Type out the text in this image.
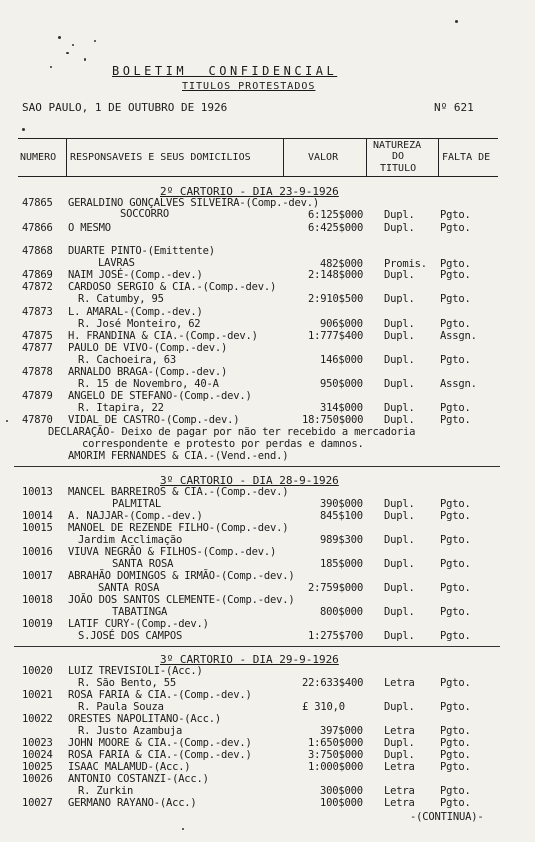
BOLETIM  CONFIDENCIAL
TITULOS PROTESTADOS
SAO PAULO, 1 DE OUTUBRO DE 1926	Nº 621
NUMERO RESPONSAVEIS E SEUS DOMICILIOS	VALOR
NATUREZA
DO
TITULO
FALTA DE
2º CARTORIO - DIA 23-9-1926
47865 GERALDINO GONÇALVES SILVEIRA-(Comp.-dev.)
SOCCORRO	6:125$000 Dupl. Pgto.
47866 O MESMO	6:425$000 Dupl. Pgto.
47868 DUARTE PINTO-(Emittente)
LAVRAS	482$000 Promis. Pgto.
47869 NAIM JOSÉ-(Comp.-dev.)	2:148$000 Dupl. Pgto.
47872 CARDOSO SERGIO & CIA.-(Comp.-dev.)
R. Catumby, 95	2:910$500 Dupl. Pgto.
47873 L. AMARAL-(Comp.-dev.)
R. José Monteiro, 62	906$000 Dupl. Pgto.
47875 H. FRANDINA & CIA.-(Comp.-dev.)	1:777$400 Dupl. Assgn.
47877 PAULO DE VIVO-(Comp.-dev.)
R. Cachoeira, 63	146$000 Dupl. Pgto.
47878 ARNALDO BRAGA-(Comp.-dev.)
R. 15 de Novembro, 40-A	950$000 Dupl. Assgn.
47879 ANGELO DE STEFANO-(Comp.-dev.)
R. Itapira, 22	314$000 Dupl. Pgto.
47870 VIDAL DE CASTRO-(Comp.-dev.)	18:750$000 Dupl. Pgto.
DECLARAÇÃO- Deixo de pagar por não ter recebido a mercadoria
correspondente e protesto por perdas e damnos.
AMORIM FERNANDES & CIA.-(Vend.-end.)
3º CARTORIO - DIA 28-9-1926
10013 MANCEL BARREIROS & CIA.-(Comp.-dev.)
PALMITAL	390$000 Dupl. Pgto.
10014 A. NAJJAR-(Comp.-dev.)	845$100 Dupl. Pgto.
10015 MANOEL DE REZENDE FILHO-(Comp.-dev.)
Jardim Acclimação	989$300 Dupl. Pgto.
10016 VIUVA NEGRÃO & FILHOS-(Comp.-dev.)
SANTA ROSA	185$000 Dupl. Pgto.
10017 ABRAHÃO DOMINGOS & IRMÃO-(Comp.-dev.)
SANTA ROSA	2:759$000 Dupl. Pgto.
10018 JOÃO DOS SANTOS CLEMENTE-(Comp.-dev.)
TABATINGA	800$000 Dupl. Pgto.
10019 LATIF CURY-(Comp.-dev.)
S.JOSÉ DOS CAMPOS	1:275$700 Dupl. Pgto.
3º CARTORIO - DIA 29-9-1926
10020 LUIZ TREVISIOLI-(Acc.)
R. São Bento, 55	22:633$400 Letra Pgto.
10021 ROSA FARIA & CIA.-(Comp.-dev.)
R. Paula Souza	£ 310,0	Dupl. Pgto.
10022 ORESTES NAPOLITANO-(Acc.)
R. Justo Azambuja	397$000 Letra Pgto.
10023 JOHN MOORE & CIA.-(Comp.-dev.)	1:650$000 Dupl. Pgto.
10024 ROSA FARIA & CIA.-(Comp.-dev.)	3:750$000 Dupl. Pgto.
10025 ISAAC MALAMUD-(Acc.)	1:000$000 Letra Pgto.
10026 ANTONIO COSTANZI-(Acc.)
R. Zurkin	300$000 Letra Pgto.
10027 GERMANO RAYANO-(Acc.)	100$000 Letra Pgto.
-(CONTINUA)-
